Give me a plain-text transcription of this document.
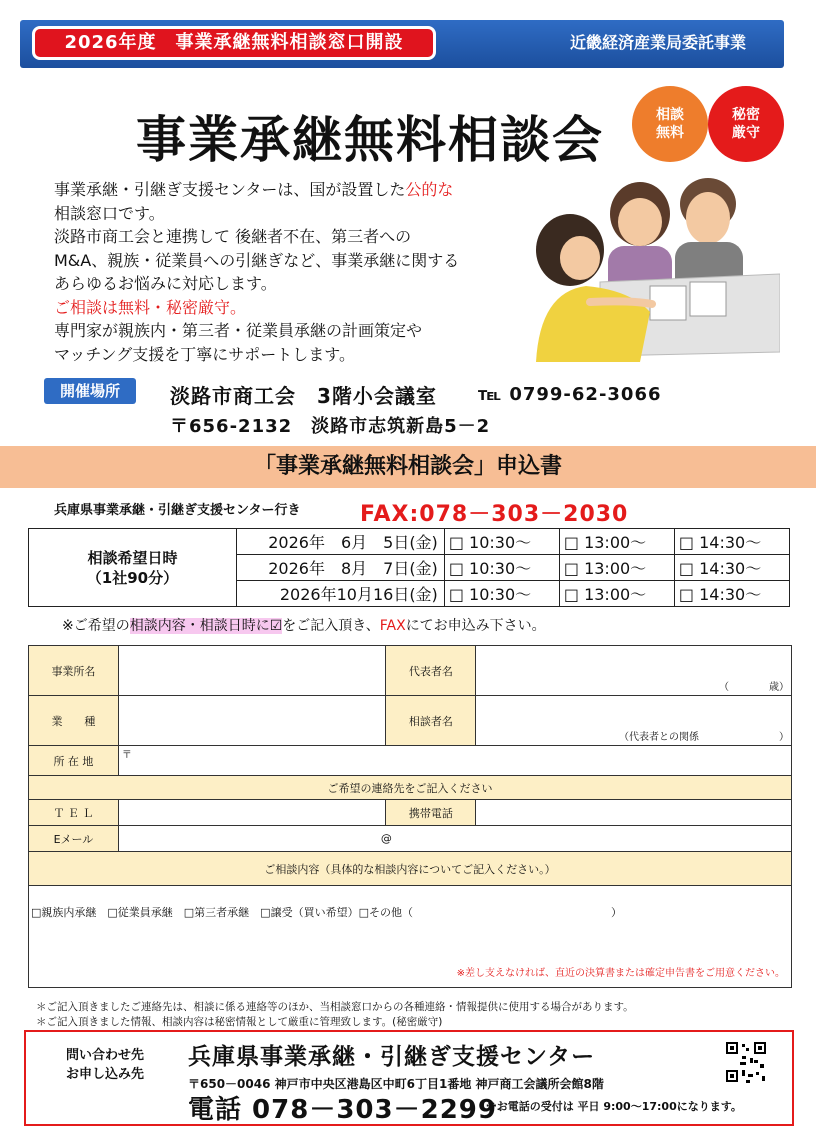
2026年度　事業承継無料相談窓口開設	近畿経済産業局委託事業
事業承継無料相談会	相談
無料
秘密
厳守
事業承継・引継ぎ支援センターは、国が設置した公的な
相談窓口です。
淡路市商工会と連携して 後継者不在、第三者への
M&A、親族・従業員への引継ぎなど、事業承継に関する
あらゆるお悩みに対応します。
ご相談は無料・秘密厳守。
専門家が親族内・第三者・従業員承継の計画策定や
マッチング支援を丁寧にサポートします。
開催場所	淡路市商工会　3階小会議室 ℡ 0799-62-3066
〒656-2132　淡路市志筑新島5－2
「事業承継無料相談会」申込書
兵庫県事業承継・引継ぎ支援センター行き	FAX:078－303－2030
相談希望日時
（1社90分）	2026年　6月　5日(金)	□ 10:30～	□ 13:00～	□ 14:30～
	2026年　8月　7日(金)	□ 10:30～	□ 13:00～	□ 14:30～
	2026年10月16日(金)	□ 10:30～	□ 13:00～	□ 14:30～
※ご希望の相談内容・相談日時に☑をご記入頂き、FAXにてお申込み下さい。
事業所名		代表者名	（　　　　歳）
業　　種		相談者名	（代表者との関係　　　　　　　　）
所 在 地	〒		
ご希望の連絡先をご記入ください			
Ｔ Ｅ Ｌ		携帯電話	
Eメール	@		
ご相談内容（具体的な相談内容についてご記入ください。）			

□親族内承継　□従業員承継　□第三者承継　□譲受（買い希望）□その他（　　　　　　　　　　　　　　　　　　）
※差し支えなければ、直近の決算書または確定申告書をご用意ください。			
＊ご記入頂きましたご連絡先は、相談に係る連絡等のほか、当相談窓口からの各種連絡・情報提供に使用する場合があります。
＊ご記入頂きました情報、相談内容は秘密情報として厳重に管理致します。(秘密厳守)
問い合わせ先
お申し込み先
兵庫県事業承継・引継ぎ支援センター
〒650－0046 神戸市中央区港島区中町6丁目1番地 神戸商工会議所会館8階
電話 078－303－2299
※お電話の受付は 平日 9:00～17:00になります。
